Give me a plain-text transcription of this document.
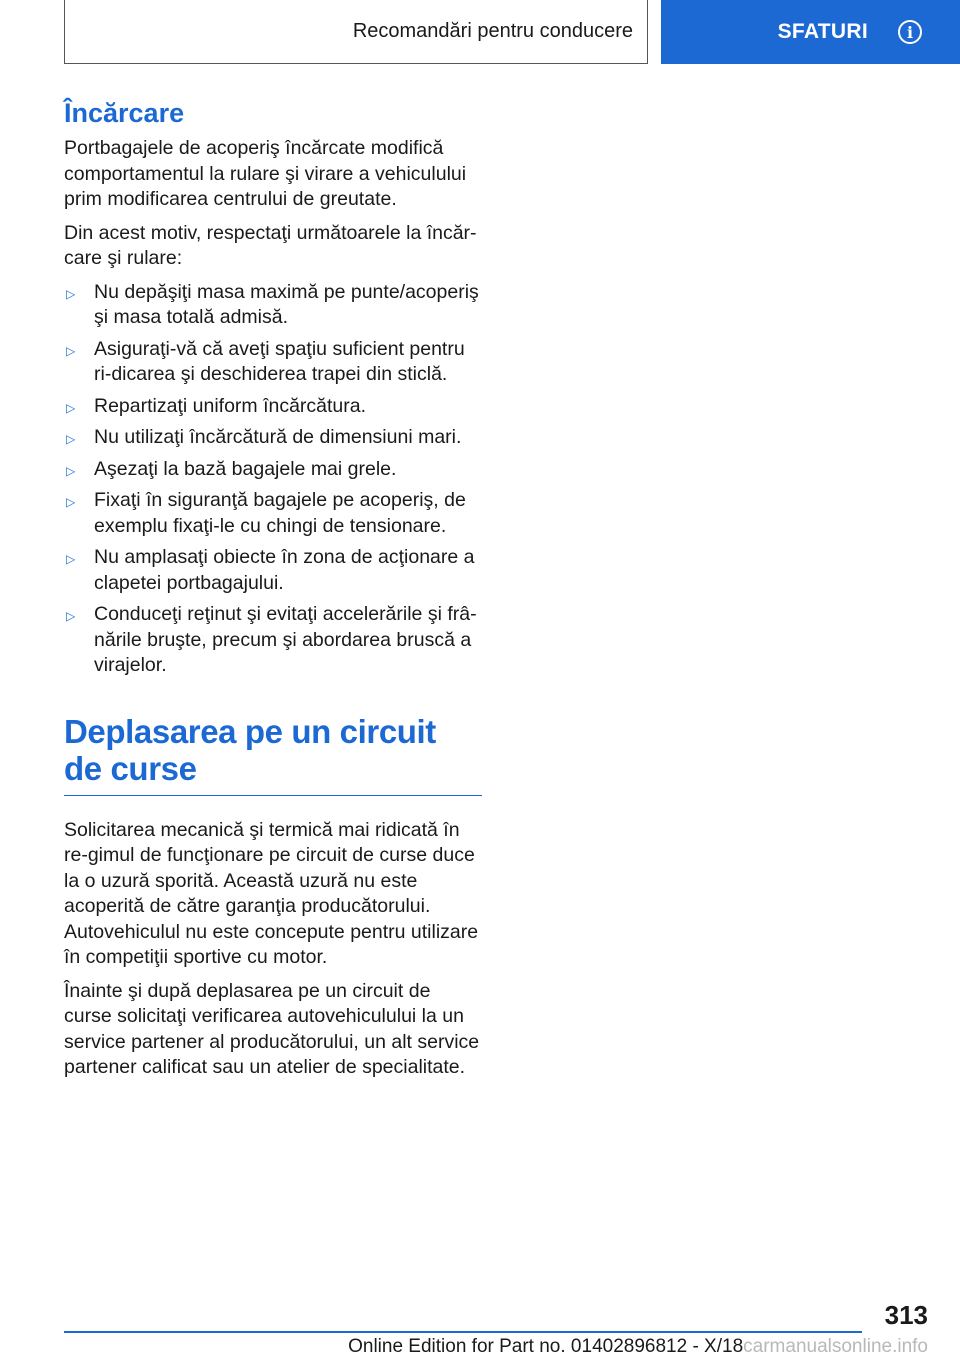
Recomandări pentru conducere	SFATURI	i
Încărcare

Portbagajele de acoperiş încărcate modifică comportamentul la rulare şi virare a vehiculului prim modificarea centrului de greutate.

Din acest motiv, respectaţi următoarele la încăr‐care şi rulare:

▷ Nu depăşiţi masa maximă pe punte/acoperiş şi masa totală admisă.
▷ Asiguraţi-vă că aveţi spaţiu suficient pentru ri‐dicarea şi deschiderea trapei din sticlă.
▷ Repartizaţi uniform încărcătura.
▷ Nu utilizaţi încărcătură de dimensiuni mari.
▷ Aşezaţi la bază bagajele mai grele.
▷ Fixaţi în siguranţă bagajele pe acoperiş, de exemplu fixaţi-le cu chingi de tensionare.
▷ Nu amplasaţi obiecte în zona de acţionare a clapetei portbagajului.
▷ Conduceţi reţinut şi evitaţi accelerările şi frâ‐nările bruşte, precum şi abordarea bruscă a virajelor.
Deplasarea pe un circuit de curse

Solicitarea mecanică şi termică mai ridicată în re‐gimul de funcţionare pe circuit de curse duce la o uzură sporită. Această uzură nu este acoperită de către garanţia producătorului. Autovehiculul nu este concepute pentru utilizare în competiţii sportive cu motor.

Înainte şi după deplasarea pe un circuit de curse solicitaţi verificarea autovehiculului la un service partener al producătorului, un alt service partener calificat sau un atelier de specialitate.

313
Online Edition for Part no. 01402896812 - X/18carmanualsonline.info
